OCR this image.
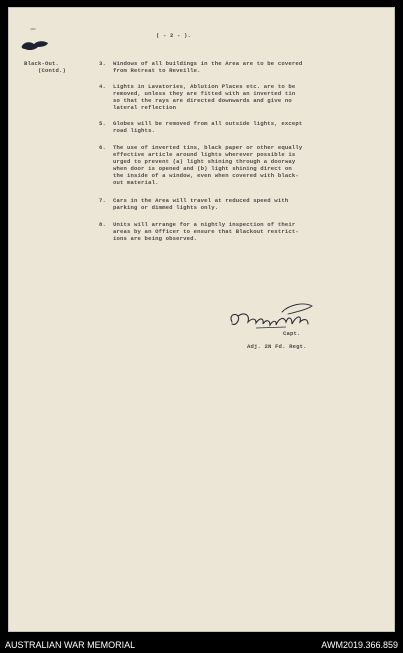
( - 2 - ).
Black-Out.
(Contd.)
3. Windows of all buildings in the Area are to be covered
from Retreat to Reveille.
4. Lights in Lavatories, Ablution Places etc. are to be
removed, unless they are fitted with an inverted tin
so that the rays are directed downwards and give no
lateral reflection
5. Globes will be removed from all outside lights, except
road lights.
6. The use of inverted tins, black paper or other equally
effective article around lights wherever possible is
urged to prevent (a) light shining through a doorway
when door is opened and (b) light shining direct on
the inside of a window, even when covered with black-
out material.
7. Cars in the Area will travel at reduced speed with
parking or dimmed lights only.
8. Units will arrange for a nightly inspection of their
areas by an Officer to ensure that Blackout restrict-
ions are being observed.
Capt.
Adj. 2N Fd. Regt.
AUSTRALIAN WAR MEMORIAL	AWM2019.366.859
